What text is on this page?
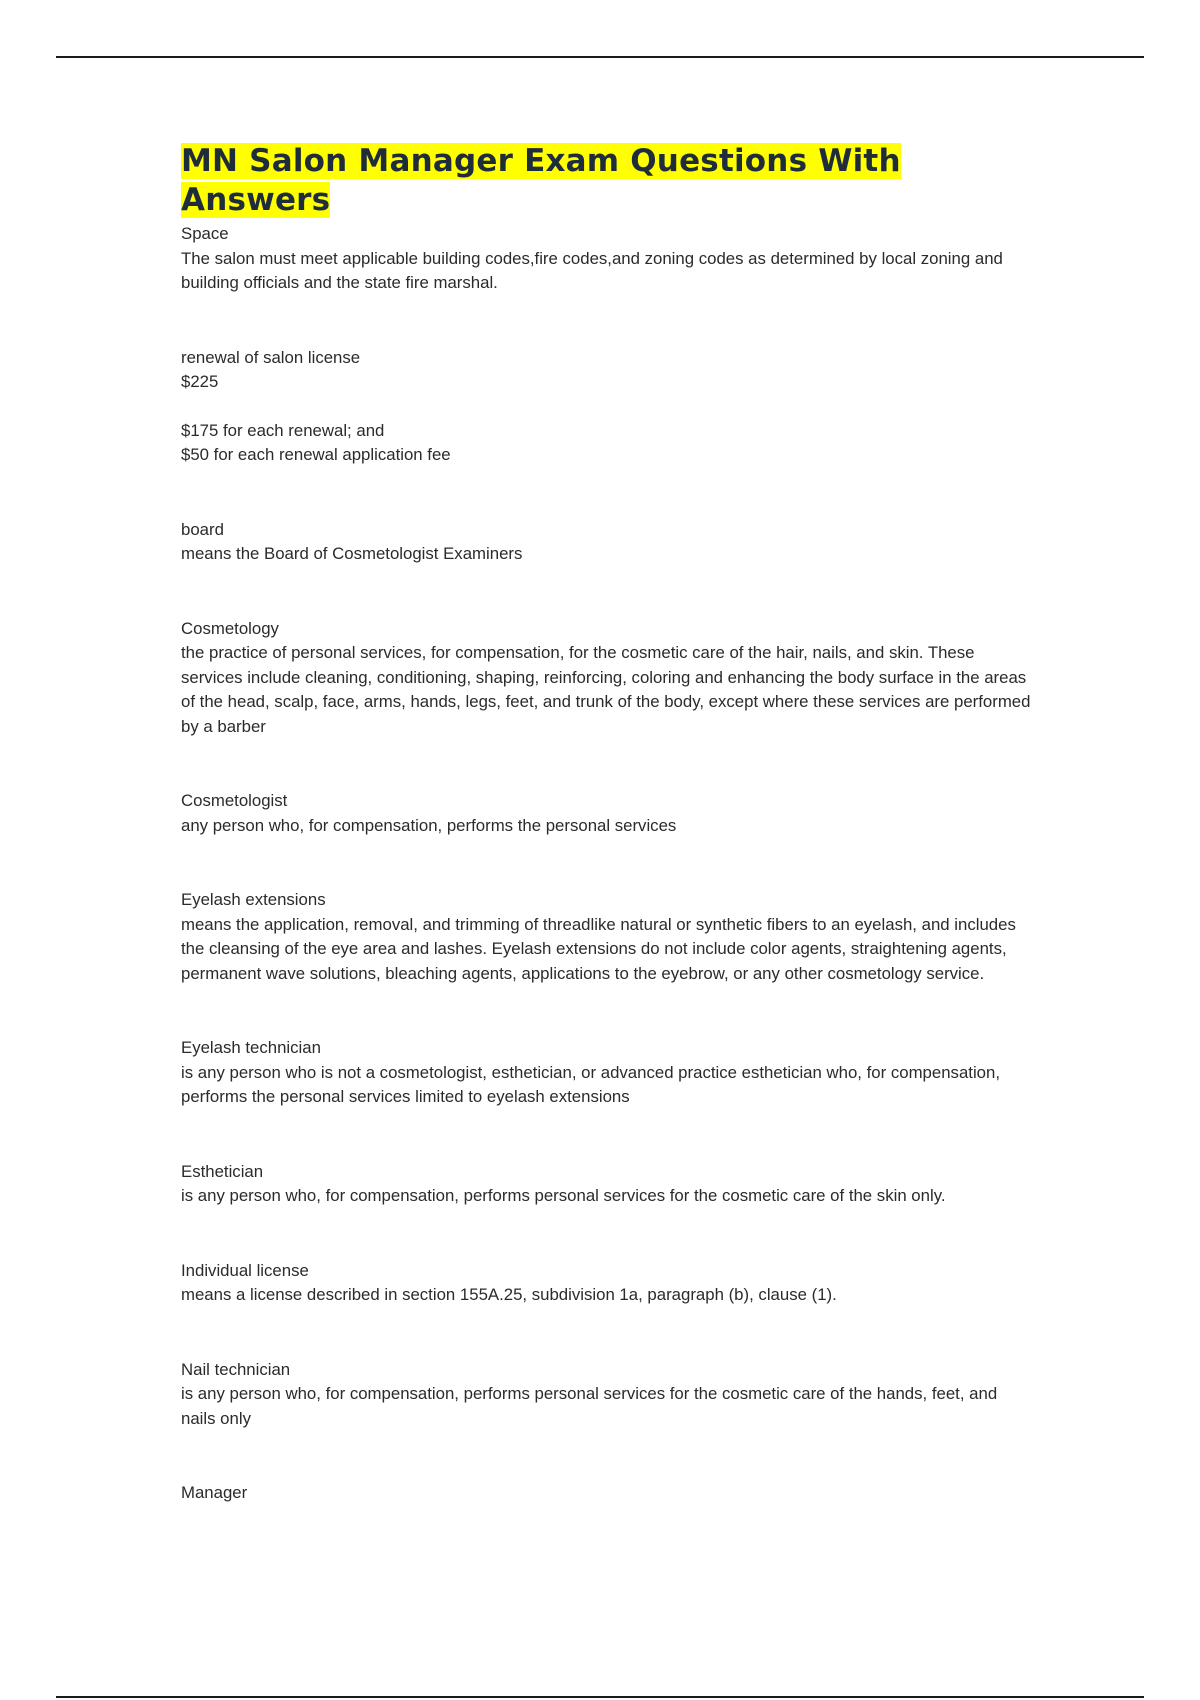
MN Salon Manager Exam Questions With Answers
Space
The salon must meet applicable building codes,fire codes,and zoning codes as determined by local zoning and building officials and the state fire marshal.
renewal of salon license
$225
$175 for each renewal; and
$50 for each renewal application fee
board
means the Board of Cosmetologist Examiners
Cosmetology
the practice of personal services, for compensation, for the cosmetic care of the hair, nails, and skin. These services include cleaning, conditioning, shaping, reinforcing, coloring and enhancing the body surface in the areas of the head, scalp, face, arms, hands, legs, feet, and trunk of the body, except where these services are performed by a barber
Cosmetologist
any person who, for compensation, performs the personal services
Eyelash extensions
means the application, removal, and trimming of threadlike natural or synthetic fibers to an eyelash, and includes the cleansing of the eye area and lashes. Eyelash extensions do not include color agents, straightening agents, permanent wave solutions, bleaching agents, applications to the eyebrow, or any other cosmetology service.
Eyelash technician
is any person who is not a cosmetologist, esthetician, or advanced practice esthetician who, for compensation, performs the personal services limited to eyelash extensions
Esthetician
is any person who, for compensation, performs personal services for the cosmetic care of the skin only.
Individual license
means a license described in section 155A.25, subdivision 1a, paragraph (b), clause (1).
Nail technician
is any person who, for compensation, performs personal services for the cosmetic care of the hands, feet, and nails only
Manager
